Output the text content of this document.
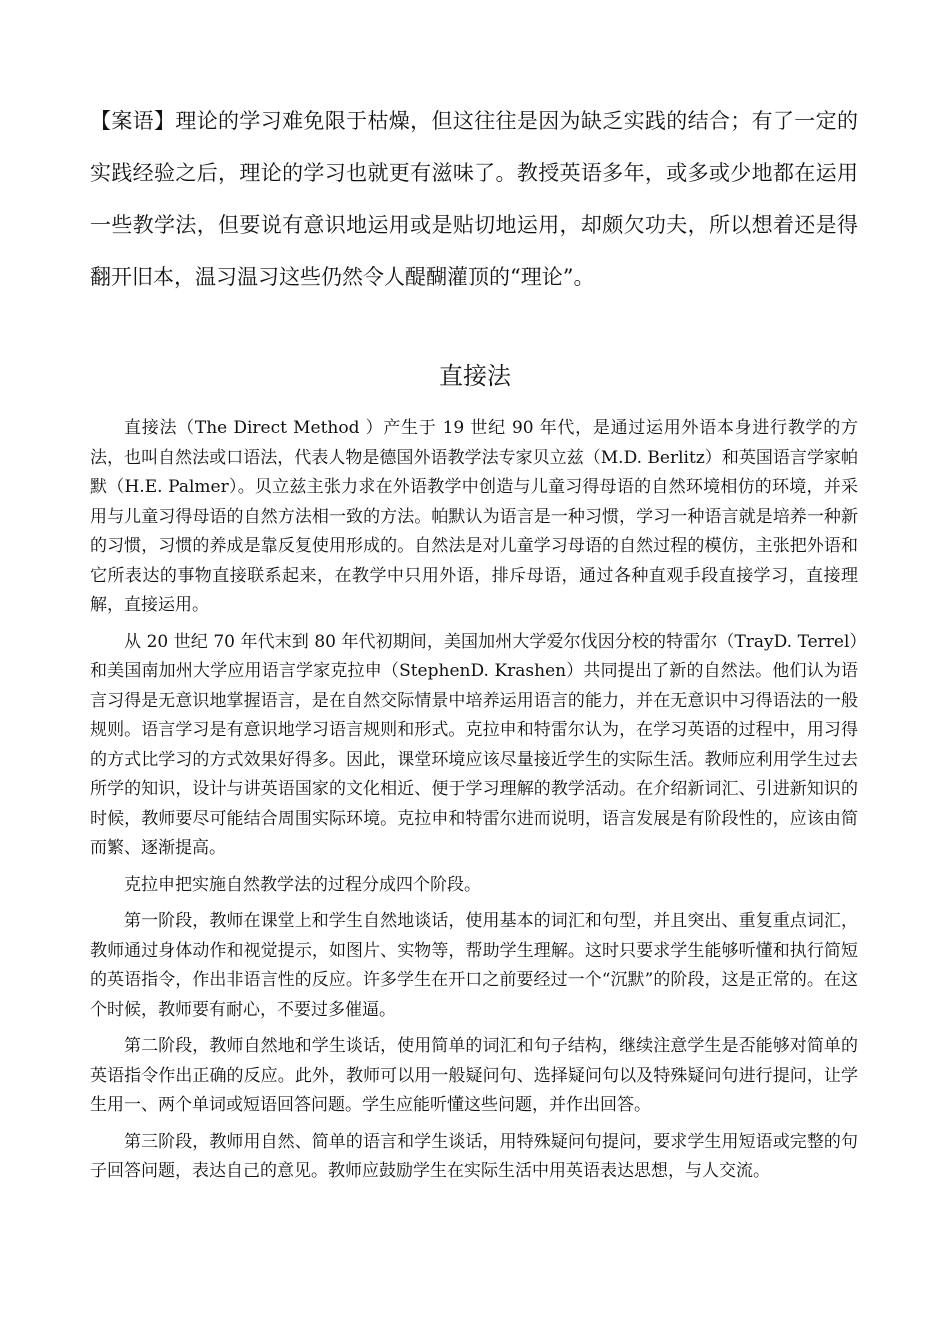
【案语】理论的学习难免限于枯燥，但这往往是因为缺乏实践的结合；有了一定的实践经验之后，理论的学习也就更有滋味了。教授英语多年，或多或少地都在运用一些教学法，但要说有意识地运用或是贴切地运用，却颇欠功夫，所以想着还是得翻开旧本，温习温习这些仍然令人醍醐灌顶的“理论”。

直接法

直接法（The Direct Method ）产生于 19 世纪 90 年代，是通过运用外语本身进行教学的方法，也叫自然法或口语法，代表人物是德国外语教学法专家贝立兹（M.D. Berlitz）和英国语言学家帕默（H.E. Palmer）。贝立兹主张力求在外语教学中创造与儿童习得母语的自然环境相仿的环境，并采用与儿童习得母语的自然方法相一致的方法。帕默认为语言是一种习惯，学习一种语言就是培养一种新的习惯，习惯的养成是靠反复使用形成的。自然法是对儿童学习母语的自然过程的模仿，主张把外语和它所表达的事物直接联系起来，在教学中只用外语，排斥母语，通过各种直观手段直接学习，直接理解，直接运用。

从 20 世纪 70 年代末到 80 年代初期间，美国加州大学爱尔伐因分校的特雷尔（TrayD. Terrel）和美国南加州大学应用语言学家克拉申（StephenD. Krashen）共同提出了新的自然法。他们认为语言习得是无意识地掌握语言，是在自然交际情景中培养运用语言的能力，并在无意识中习得语法的一般规则。语言学习是有意识地学习语言规则和形式。克拉申和特雷尔认为，在学习英语的过程中，用习得的方式比学习的方式效果好得多。因此，课堂环境应该尽量接近学生的实际生活。教师应利用学生过去所学的知识，设计与讲英语国家的文化相近、便于学习理解的教学活动。在介绍新词汇、引进新知识的时候，教师要尽可能结合周围实际环境。克拉申和特雷尔进而说明，语言发展是有阶段性的，应该由简而繁、逐渐提高。

克拉申把实施自然教学法的过程分成四个阶段。

第一阶段，教师在课堂上和学生自然地谈话，使用基本的词汇和句型，并且突出、重复重点词汇，教师通过身体动作和视觉提示，如图片、实物等，帮助学生理解。这时只要求学生能够听懂和执行简短的英语指令，作出非语言性的反应。许多学生在开口之前要经过一个“沉默”的阶段，这是正常的。在这个时候，教师要有耐心，不要过多催逼。

第二阶段，教师自然地和学生谈话，使用简单的词汇和句子结构，继续注意学生是否能够对简单的英语指令作出正确的反应。此外，教师可以用一般疑问句、选择疑问句以及特殊疑问句进行提问，让学生用一、两个单词或短语回答问题。学生应能听懂这些问题，并作出回答。

第三阶段，教师用自然、简单的语言和学生谈话，用特殊疑问句提问，要求学生用短语或完整的句子回答问题，表达自己的意见。教师应鼓励学生在实际生活中用英语表达思想，与人交流。
